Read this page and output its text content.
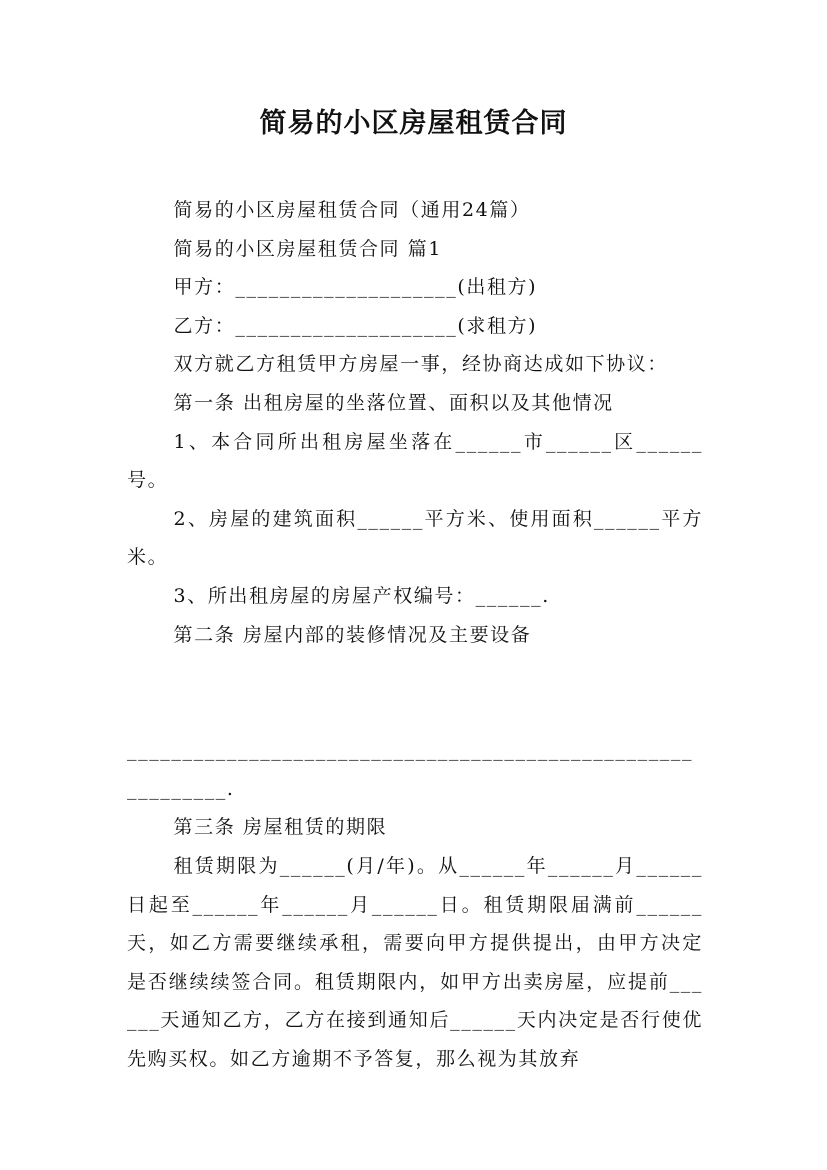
简易的小区房屋租赁合同

简易的小区房屋租赁合同（通用24篇）

简易的小区房屋租赁合同 篇1

甲方：____________________(出租方)

乙方：____________________(求租方)

双方就乙方租赁甲方房屋一事，经协商达成如下协议：

第一条 出租房屋的坐落位置、面积以及其他情况

1、本合同所出租房屋坐落在______市______区______号。

2、房屋的建筑面积______平方米、使用面积______平方米。

3、所出租房屋的房屋产权编号：______.

第二条 房屋内部的装修情况及主要设备

____________________________________________________________.

第三条 房屋租赁的期限

租赁期限为______(月/年)。从______年______月______日起至______年______月______日。租赁期限届满前______天，如乙方需要继续承租，需要向甲方提供提出，由甲方决定是否继续续签合同。租赁期限内，如甲方出卖房屋，应提前______天通知乙方，乙方在接到通知后______天内决定是否行使优先购买权。如乙方逾期不予答复，那么视为其放弃
